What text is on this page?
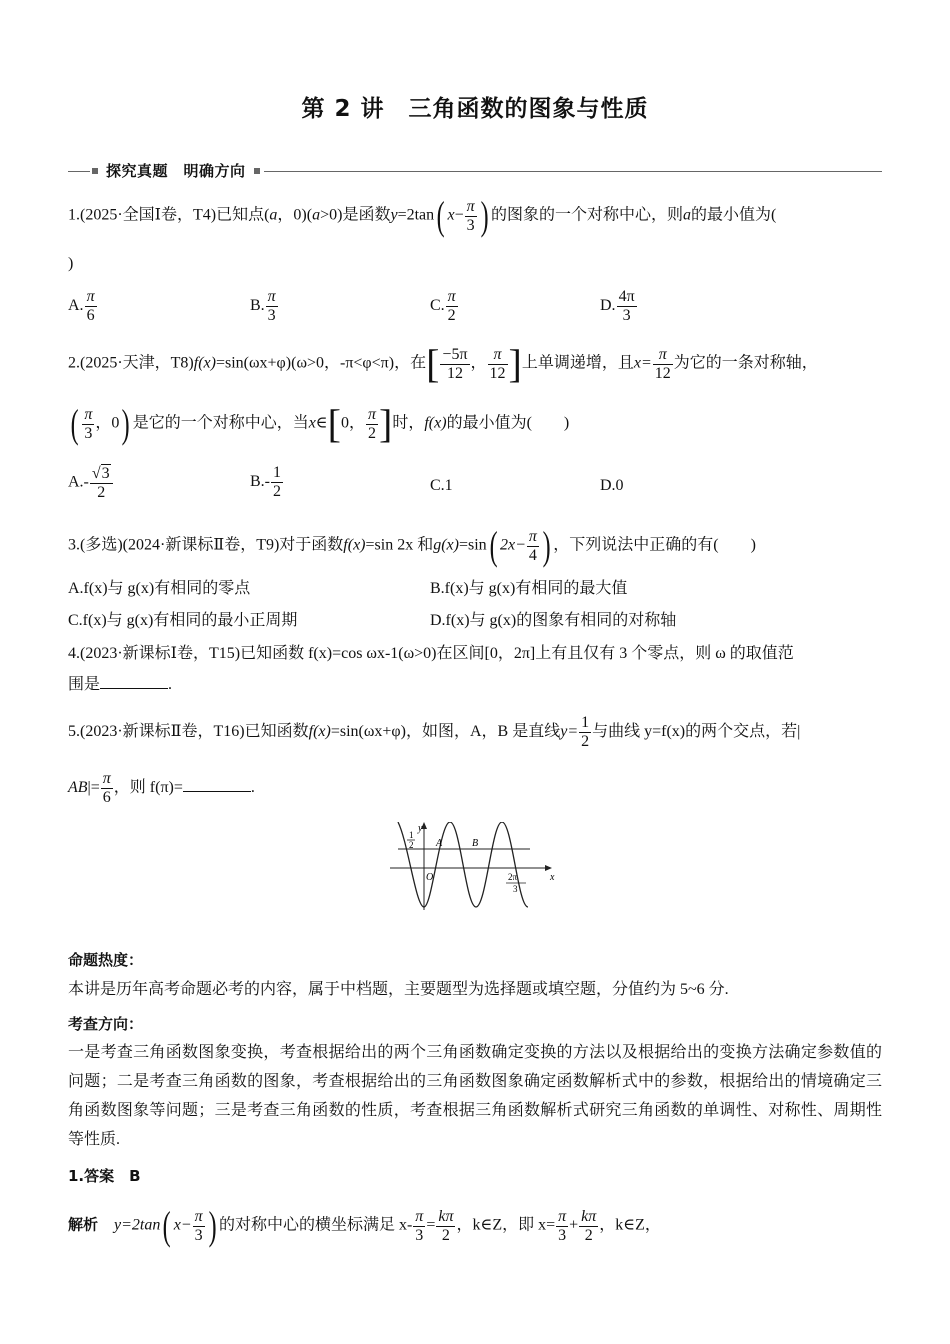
第 2 讲　三角函数的图象与性质
探究真题　明确方向
1.(2025·全国Ⅰ卷，T4)已知点(a，0)(a>0)是函数y=2tan( $x- \frac{\pi}{3}$ ) 的图象的一个对称中心，则a的最小值为(
)
A. $\frac{\pi}{6}$	B. $\frac{\pi}{3}$	C. $\frac{\pi}{2}$	D. $\frac{4\pi}{3}$
2.(2025·天津，T8)f(x)=sin(ωx+φ)(ω>0，-π<φ<π)，在[ $\frac{-5\pi}{12}$ ， $\frac{\pi}{12}$ ]上单调递增，且$x= \frac{\pi}{12}$ 为它的一条对称轴，
( $\frac{\pi}{3}$ ，0) 是它的一个对称中心，当x∈[0， $\frac{\pi}{2}$ ]时，f(x)的最小值为(　　)
$A.- \frac{√3}{2}$	$B.- \frac{1}{2}$	C.1	D.0
3.(多选)(2024·新课标Ⅱ卷，T9)对于函数f(x)=sin 2x 和g(x)=sin( $2x- \frac{\pi}{4}$ ) ，下列说法中正确的有(　　)
A.f(x)与 g(x)有相同的零点	B.f(x)与 g(x)有相同的最大值
C.f(x)与 g(x)有相同的最小正周期	D.f(x)与 g(x)的图象有相同的对称轴
4.(2023·新课标Ⅰ卷，T15)已知函数 f(x)=cos ωx-1(ω>0)在区间[0，2π]上有且仅有 3 个零点，则 ω 的取值范
围是	.
5.(2023·新课标Ⅱ卷，T16)已知函数f(x)=sin(ωx+φ)，如图，A，B 是直线$y= \frac{1}{2}$ 与曲线 y=f(x)的两个交点，若|
$AB|= \frac{\pi}{6}$ ，则 f(π)=	.
y
x
O
1
2 A	B
2π
3
命题热度：
本讲是历年高考命题必考的内容，属于中档题，主要题型为选择题或填空题，分值约为 5~6 分.
考查方向：
一是考查三角函数图象变换，考查根据给出的两个三角函数确定变换的方法以及根据给出的变换方法确定参数值的问题；二是考查三角函数的图象，考查根据给出的三角函数图象确定函数解析式中的参数，根据给出的情境确定三角函数图象等问题；三是考查三角函数的性质，考查根据三角函数解析式研究三角函数的单调性、对称性、周期性等性质.
1.答案　B
解析　 y=2tan( $x- \frac{\pi}{3}$ ) 的对称中心的横坐标满足 $x- \frac{\pi}{3} = \frac{k\pi}{2}$ ，k∈Z，即 $x= \frac{\pi}{3} + \frac{k\pi}{2}$ ，k∈Z，
